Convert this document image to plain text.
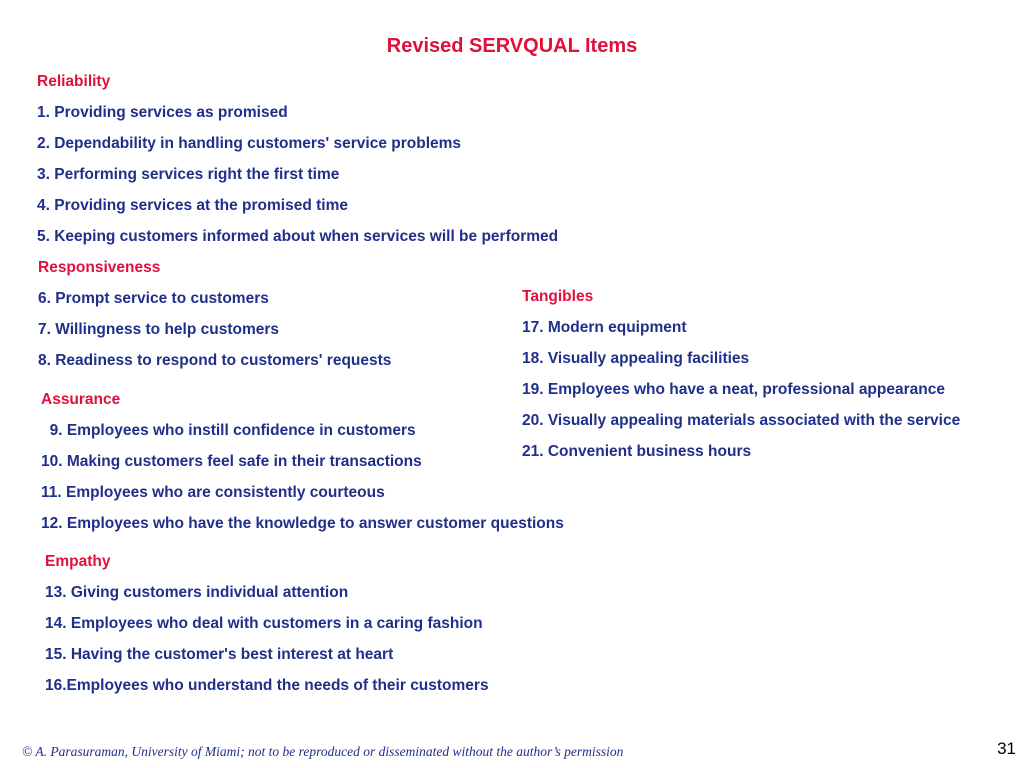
Revised SERVQUAL Items
Reliability
1. Providing services as promised
2. Dependability in handling customers' service problems
3. Performing services right the first time
4. Providing services at the promised time
5. Keeping customers informed about when services will be performed
Responsiveness
6. Prompt service to customers
7. Willingness to help customers
8. Readiness to respond to customers' requests
Tangibles
17. Modern equipment
18. Visually appealing facilities
19. Employees who have a neat, professional appearance
20. Visually appealing materials associated with the service
21. Convenient business hours
Assurance
9. Employees who instill confidence in customers
10. Making customers feel safe in their transactions
11. Employees who are consistently courteous
12. Employees who have the knowledge to answer customer questions
Empathy
13. Giving customers individual attention
14. Employees who deal with customers in a caring fashion
15. Having the customer's best interest at heart
16.Employees who understand the needs of their customers
© A. Parasuraman, University of Miami; not to be reproduced or disseminated without the author’s permission	31
